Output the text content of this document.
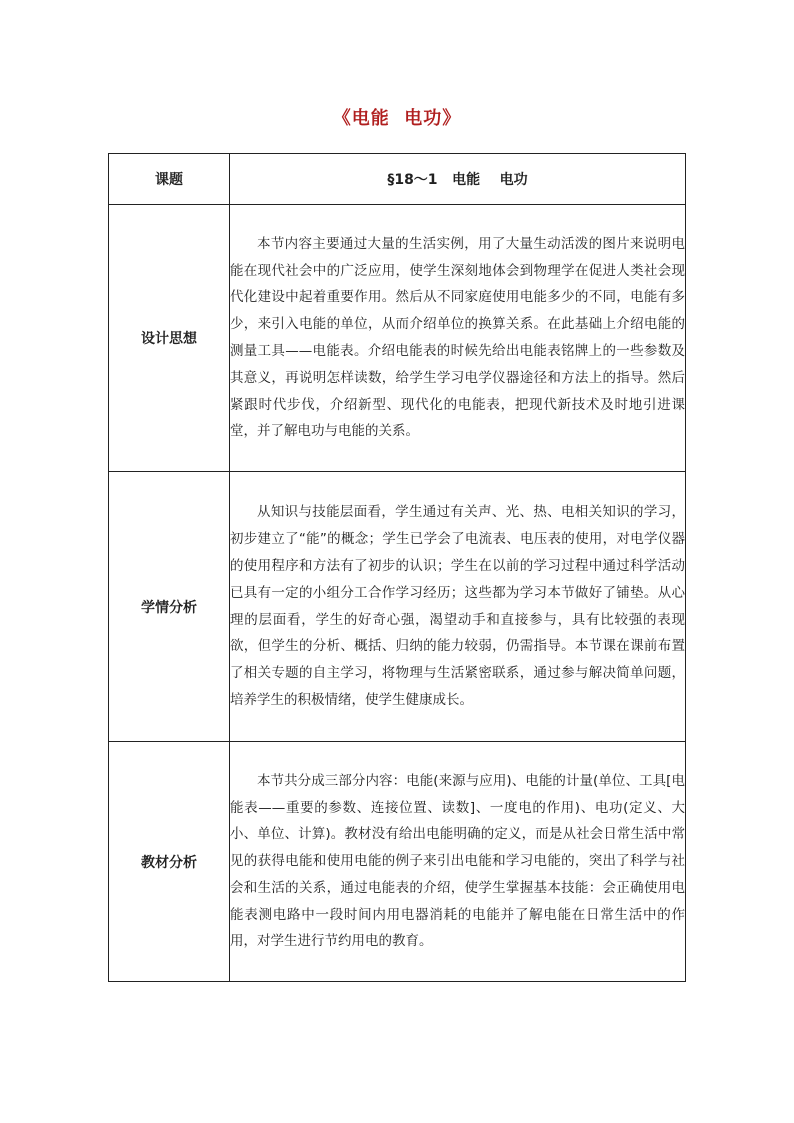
《电能  电功》
课题	§18～1   电能    电功
设计思想	本节内容主要通过大量的生活实例，用了大量生动活泼的图片来说明电能在现代社会中的广泛应用，使学生深刻地体会到物理学在促进人类社会现代化建设中起着重要作用。然后从不同家庭使用电能多少的不同，电能有多少，来引入电能的单位，从而介绍单位的换算关系。在此基础上介绍电能的测量工具——电能表。介绍电能表的时候先给出电能表铭牌上的一些参数及其意义，再说明怎样读数，给学生学习电学仪器途径和方法上的指导。然后紧跟时代步伐，介绍新型、现代化的电能表，把现代新技术及时地引进课堂，并了解电功与电能的关系。
学情分析	从知识与技能层面看，学生通过有关声、光、热、电相关知识的学习，初步建立了“能”的概念；学生已学会了电流表、电压表的使用，对电学仪器的使用程序和方法有了初步的认识；学生在以前的学习过程中通过科学活动已具有一定的小组分工合作学习经历；这些都为学习本节做好了铺垫。从心理的层面看，学生的好奇心强，渴望动手和直接参与，具有比较强的表现欲，但学生的分析、概括、归纳的能力较弱，仍需指导。本节课在课前布置了相关专题的自主学习，将物理与生活紧密联系，通过参与解决简单问题，培养学生的积极情绪，使学生健康成长。
教材分析	本节共分成三部分内容：电能(来源与应用)、电能的计量(单位、工具[电能表——重要的参数、连接位置、读数]、一度电的作用)、电功(定义、大小、单位、计算)。教材没有给出电能明确的定义，而是从社会日常生活中常见的获得电能和使用电能的例子来引出电能和学习电能的，突出了科学与社会和生活的关系，通过电能表的介绍，使学生掌握基本技能：会正确使用电能表测电路中一段时间内用电器消耗的电能并了解电能在日常生活中的作用，对学生进行节约用电的教育。
